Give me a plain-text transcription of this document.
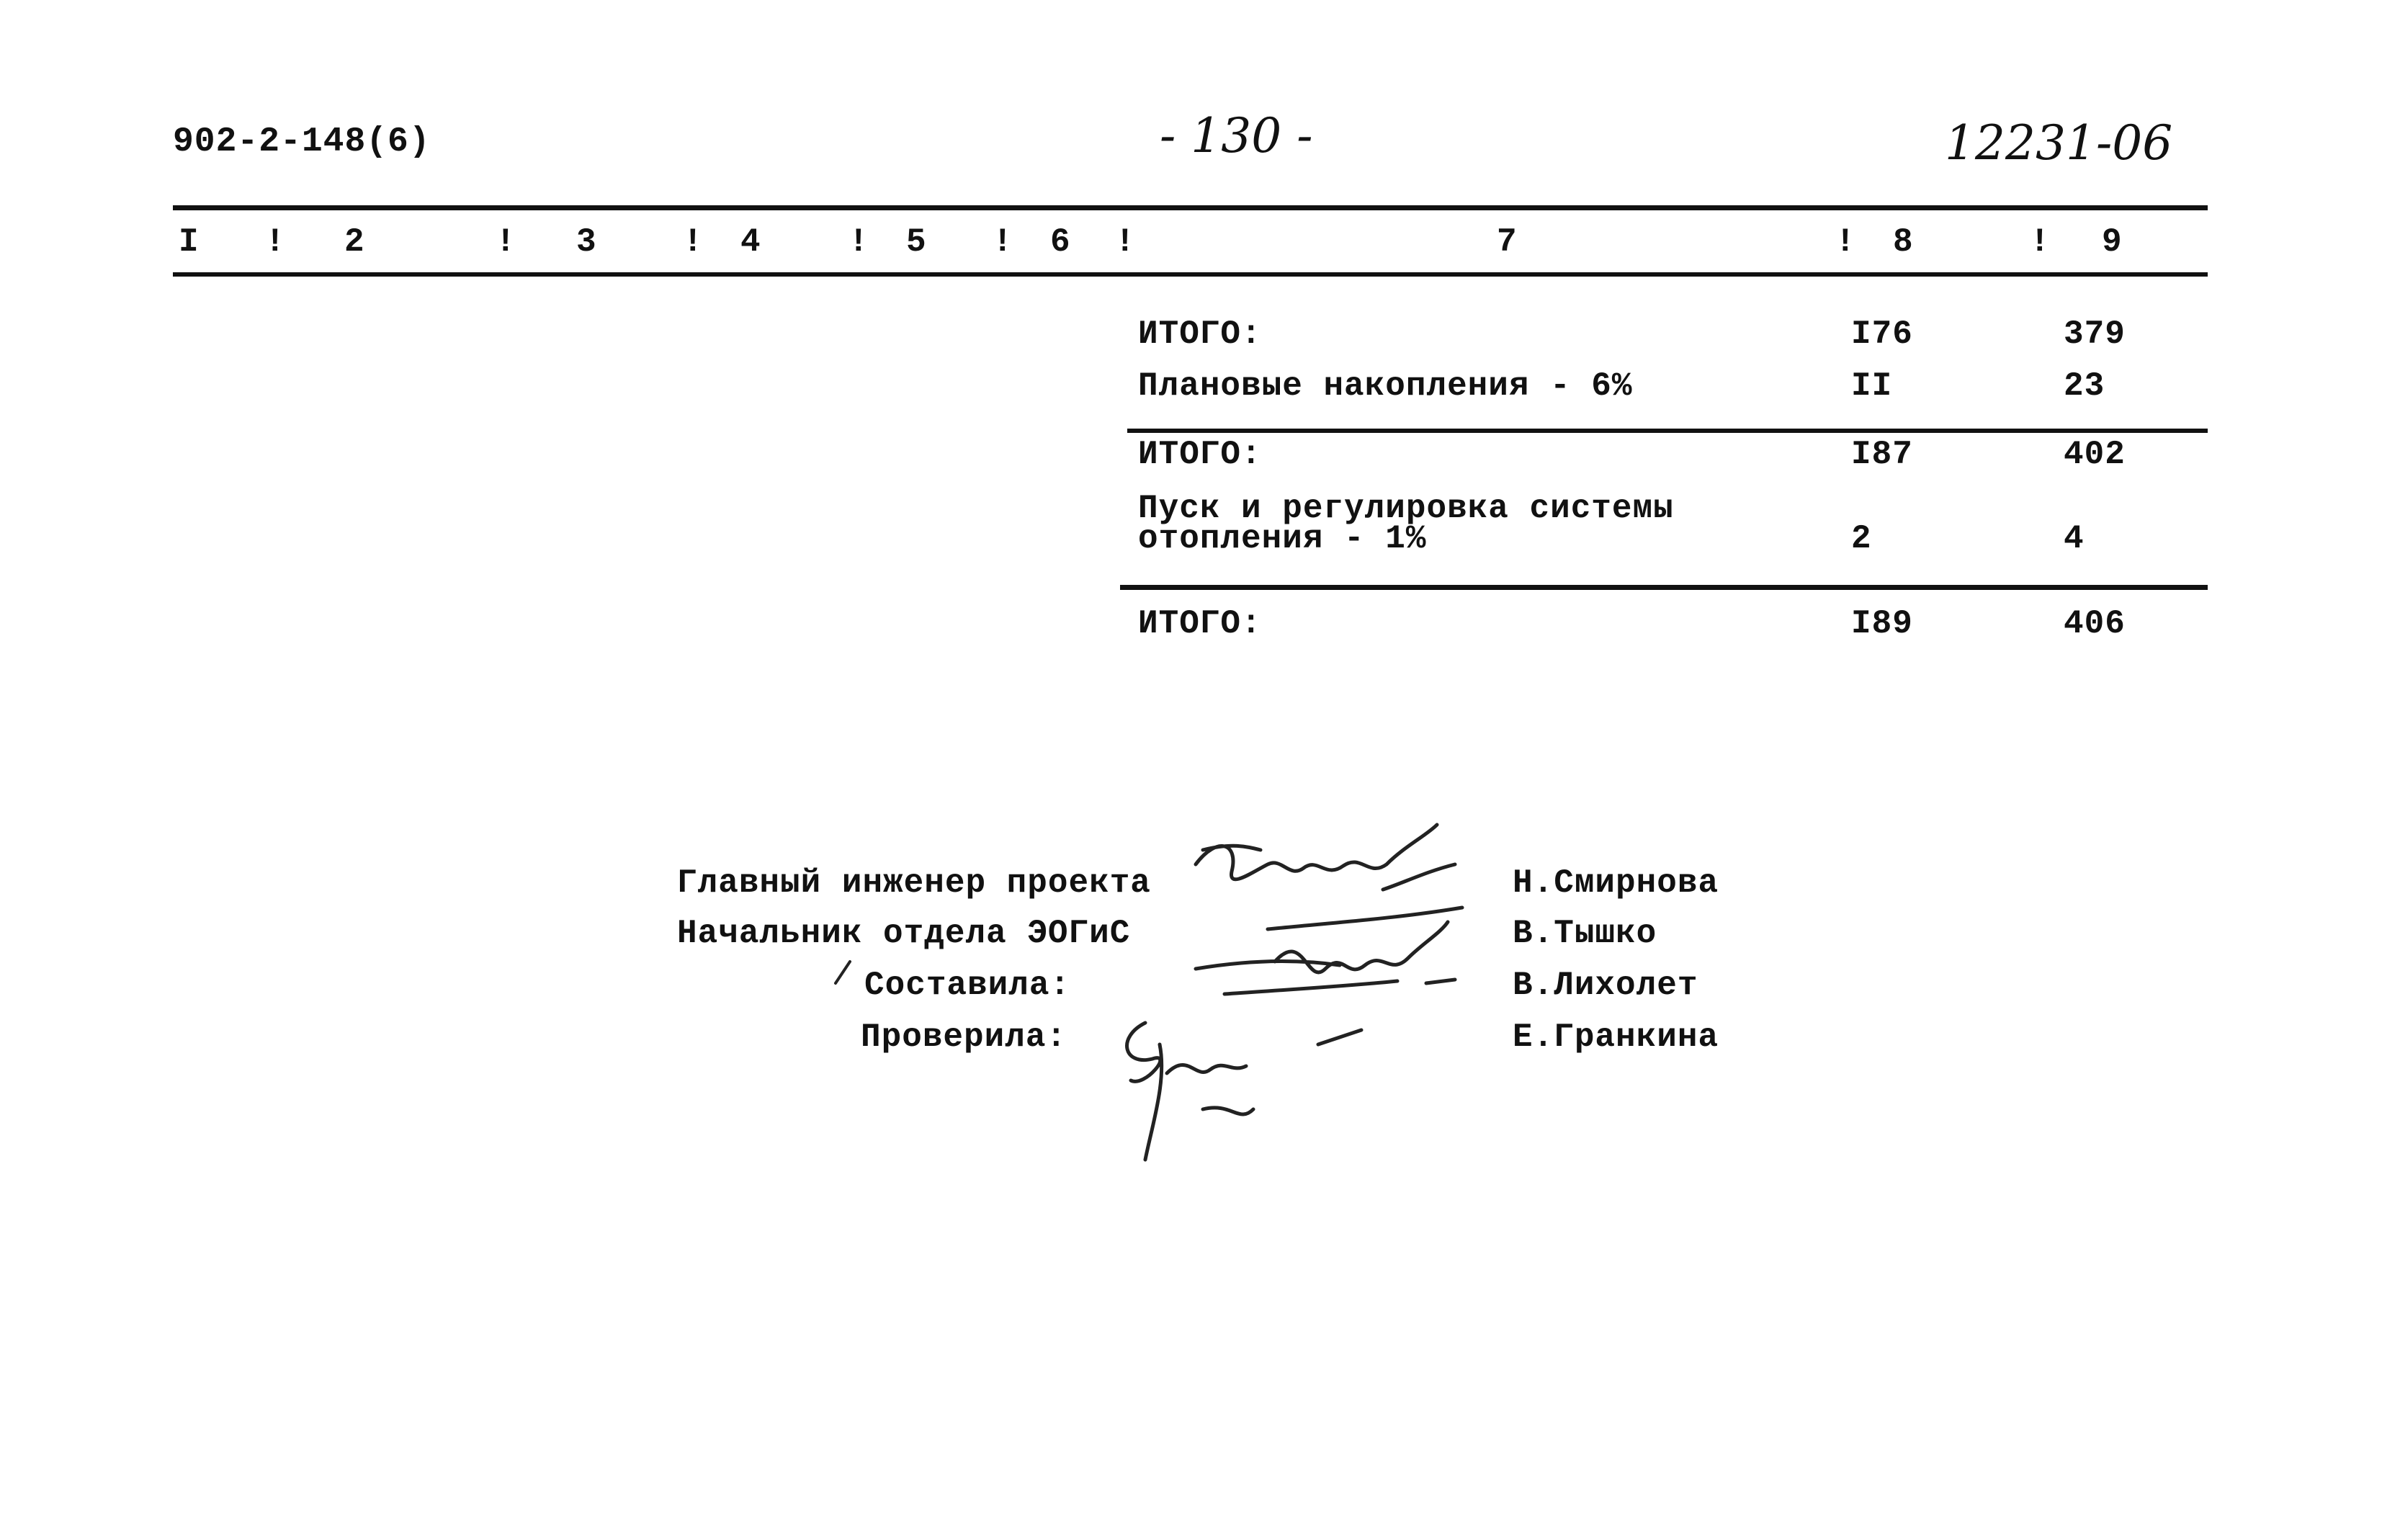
902-2-148(6)	- 130 -	12231-06
I ! 2	! 3	! 4	! 5 ! 6 !	7	! 8	! 9
ИТОГО:	I76	379
Плановые накопления - 6%	II	23
ИТОГО:	I87	402
Пуск и регулировка системы
отопления - 1%	2	4
ИТОГО:	I89	406
Главный инженер проекта	Н.Смирнова
Начальник отдела ЭОГиС	В.Тышко
Составила:	В.Лихолет
Проверила:	Е.Гранкина
